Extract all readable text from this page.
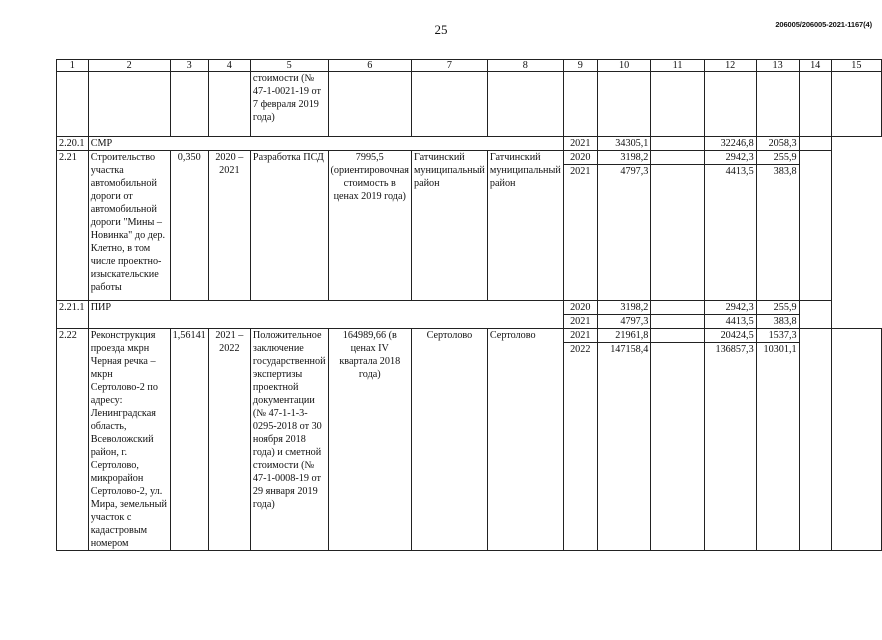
25	206005/206005-2021-1167(4)
1	2	3	4	5	6	7	8	9	10	11	12	13	14	15
				стоимости (№ 47-1-0021-19 от 7 февраля 2019 года)										
2.20.1	СМР							2021	34305,1		32246,8	2058,3		
2.21	Строительство участка автомобильной дороги от автомобильной дороги "Мины – Новинка" до дер. Клетно, в том числе проектно-изыскательские работы	0,350	2020 – 2021	Разработка ПСД	7995,5 (ориентировочная стоимость в ценах 2019 года)	Гатчинский муниципальный район	Гатчинский муниципальный район	2020	3198,2		2942,3	255,9		
								2021	4797,3		4413,5	383,8		
2.21.1	ПИР							2020	3198,2		2942,3	255,9		
								2021	4797,3		4413,5	383,8		
2.22	Реконструкция проезда мкрн Черная речка – мкрн Сертолово-2 по адресу: Ленинградская область, Всеволожский район, г. Сертолово, микрорайон Сертолово-2, ул. Мира, земельный участок с кадастровым номером	1,56141	2021 – 2022	Положительное заключение государственной экспертизы проектной документации (№ 47-1-1-3-0295-2018 от 30 ноября 2018 года) и сметной стоимости (№ 47-1-0008-19 от 29 января 2019 года)	164989,66 (в ценах IV квартала 2018 года)	Сертолово	Сертолово	2021	21961,8		20424,5	1537,3		
								2022	147158,4		136857,3	10301,1		
